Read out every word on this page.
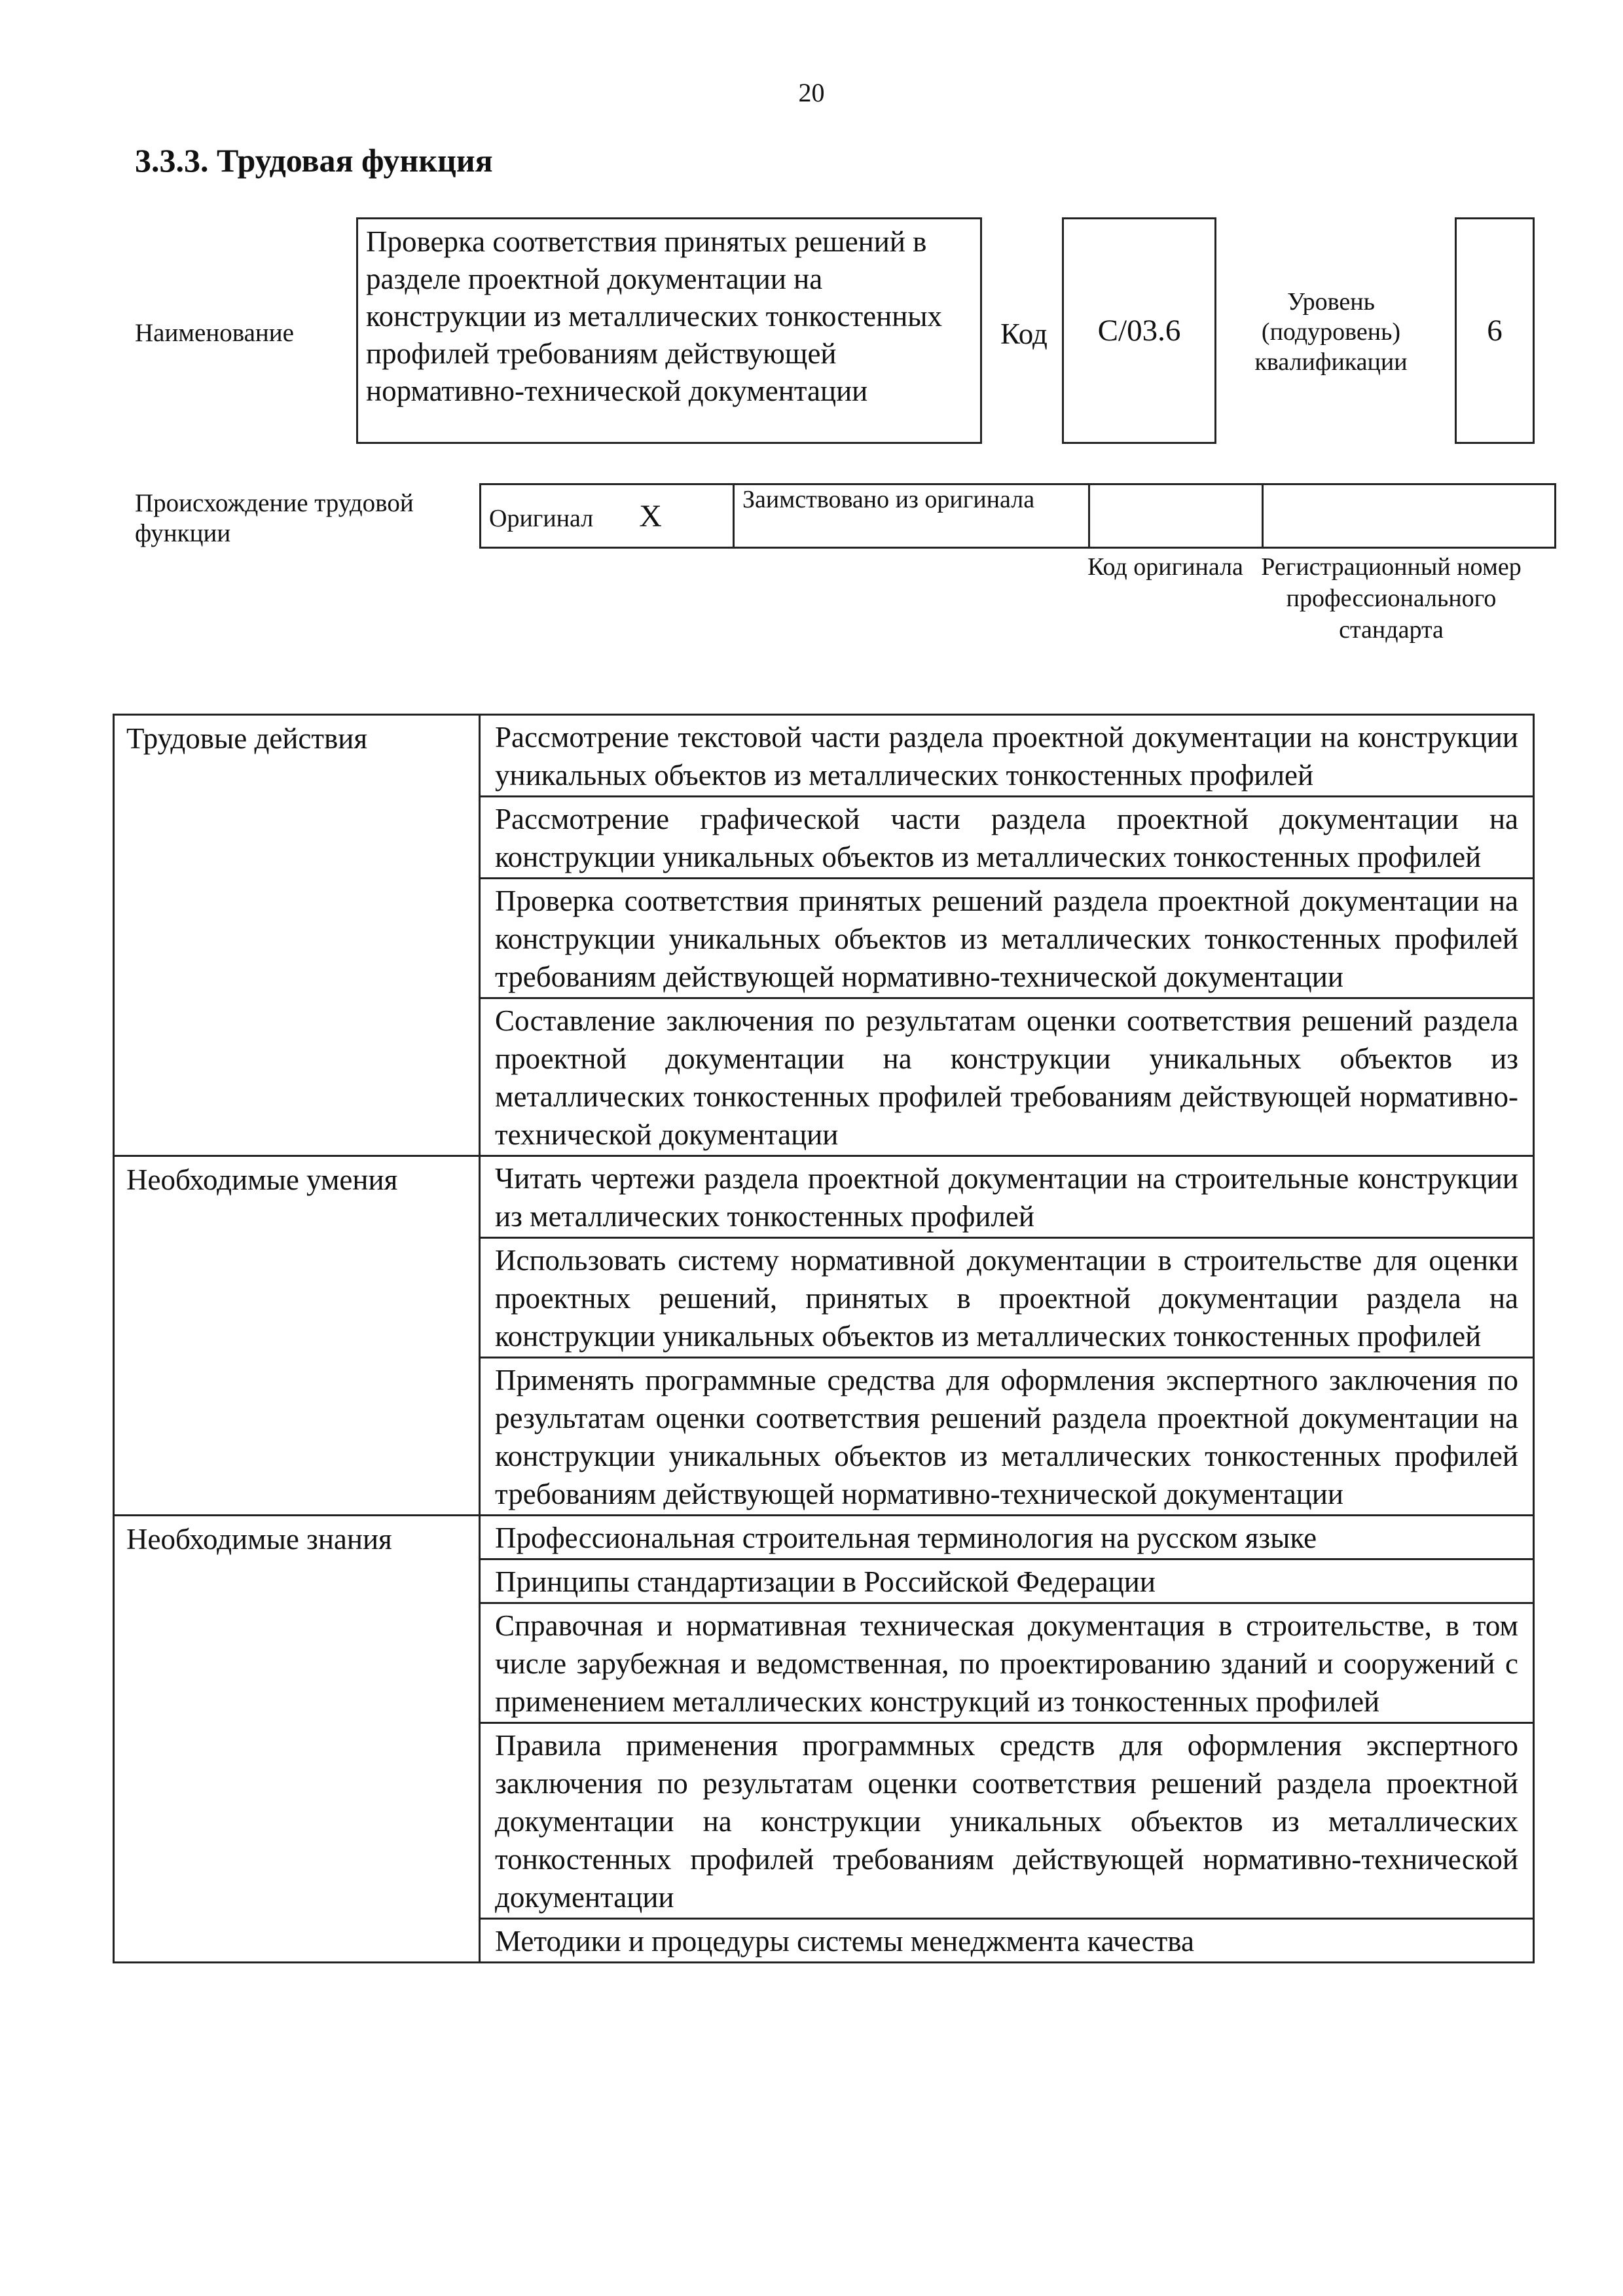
20
3.3.3. Трудовая функция
Наименование
Проверка соответствия принятых решений в разделе проектной документации на конструкции из металлических тонкостенных профилей требованиям действующей нормативно-технической документации
Код C/03.6
Уровень (подуровень) квалификации
6
Происхождение трудовой функции
Оригинал X	Заимствовано из оригинала		
Код оригинала Регистрационный номер профессионального стандарта
Трудовые действия	Рассмотрение текстовой части раздела проектной документации на конструкции уникальных объектов из металлических тонкостенных профилей
	Рассмотрение графической части раздела проектной документации на конструкции уникальных объектов из металлических тонкостенных профилей
	Проверка соответствия принятых решений раздела проектной документации на конструкции уникальных объектов из металлических тонкостенных профилей требованиям действующей нормативно-технической документации
	Составление заключения по результатам оценки соответствия решений раздела проектной документации на конструкции уникальных объектов из металлических тонкостенных профилей требованиям действующей нормативно-технической документации
Необходимые умения	Читать чертежи раздела проектной документации на строительные конструкции из металлических тонкостенных профилей
	Использовать систему нормативной документации в строительстве для оценки проектных решений, принятых в проектной документации раздела на конструкции уникальных объектов из металлических тонкостенных профилей
	Применять программные средства для оформления экспертного заключения по результатам оценки соответствия решений раздела проектной документации на конструкции уникальных объектов из металлических тонкостенных профилей требованиям действующей нормативно-технической документации
Необходимые знания	Профессиональная строительная терминология на русском языке
	Принципы стандартизации в Российской Федерации
	Справочная и нормативная техническая документация в строительстве, в том числе зарубежная и ведомственная, по проектированию зданий и сооружений с применением металлических конструкций из тонкостенных профилей
	Правила применения программных средств для оформления экспертного заключения по результатам оценки соответствия решений раздела проектной документации на конструкции уникальных объектов из металлических тонкостенных профилей требованиям действующей нормативно-технической документации
	Методики и процедуры системы менеджмента качества
